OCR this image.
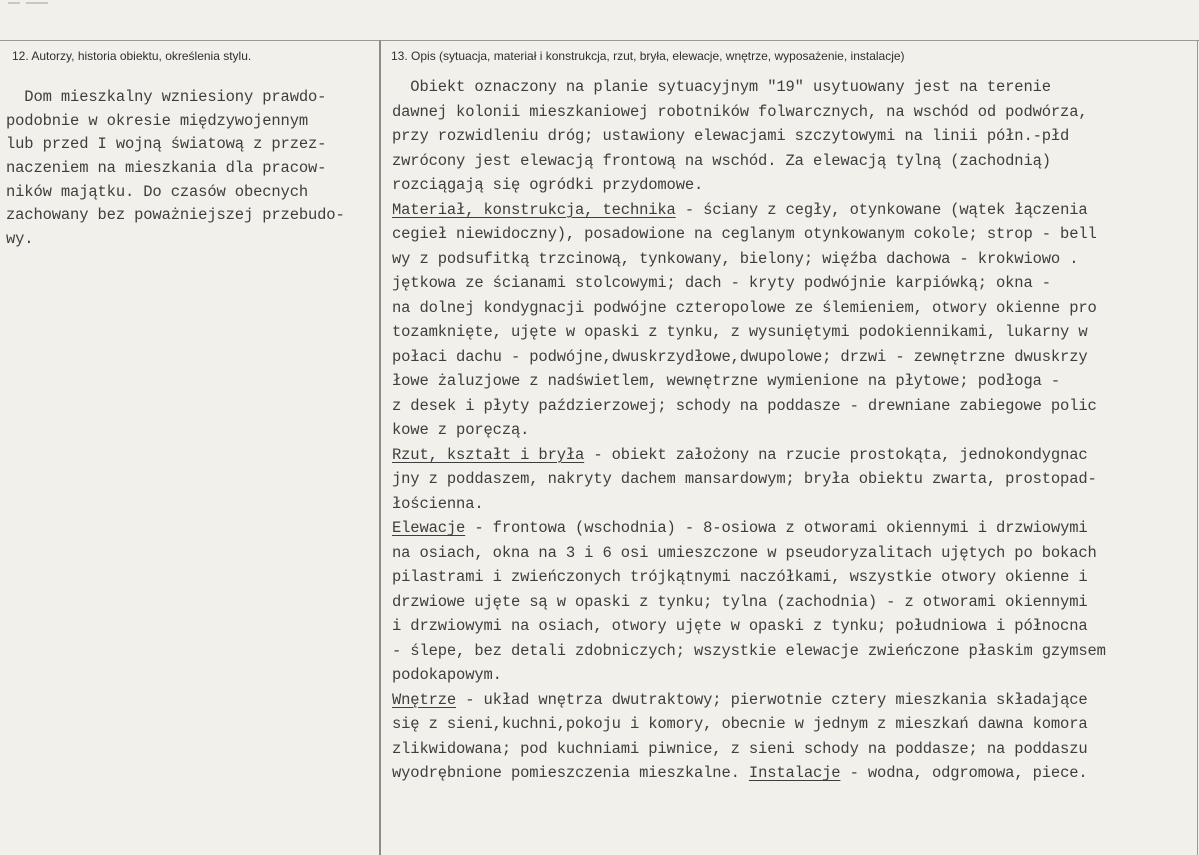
12. Autorzy, historia obiektu, określenia stylu.	13. Opis (sytuacja, materiał i konstrukcja, rzut, bryła, elewacje, wnętrze, wyposażenie, instalacje)
Dom mieszkalny wzniesiony prawdo-
podobnie w okresie międzywojennym
lub przed I wojną światową z przez-
naczeniem na mieszkania dla pracow-
ników majątku. Do czasów obecnych
zachowany bez poważniejszej przebudo-
wy.
Obiekt oznaczony na planie sytuacyjnym "19" usytuowany jest na terenie
dawnej kolonii mieszkaniowej robotników folwarcznych, na wschód od podwórza,
przy rozwidleniu dróg; ustawiony elewacjami szczytowymi na linii półn.-płd
zwrócony jest elewacją frontową na wschód. Za elewacją tylną (zachodnią)
rozciągają się ogródki przydomowe.
Materiał, konstrukcja, technika - ściany z cegły, otynkowane (wątek łączenia
cegieł niewidoczny), posadowione na ceglanym otynkowanym cokole; strop - bell
wy z podsufitką trzcinową, tynkowany, bielony; więźba dachowa - krokwiowo .
jętkowa ze ścianami stolcowymi; dach - kryty podwójnie karpiówką; okna -
na dolnej kondygnacji podwójne czteropolowe ze ślemieniem, otwory okienne pro
tozamknięte, ujęte w opaski z tynku, z wysuniętymi podokiennikami, lukarny w
połaci dachu - podwójne,dwuskrzydłowe,dwupolowe; drzwi - zewnętrzne dwuskrzy
łowe żaluzjowe z nadświetlem, wewnętrzne wymienione na płytowe; podłoga -
z desek i płyty paździerzowej; schody na poddasze - drewniane zabiegowe polic
kowe z poręczą.
Rzut, kształt i bryła - obiekt założony na rzucie prostokąta, jednokondygnac
jny z poddaszem, nakryty dachem mansardowym; bryła obiektu zwarta, prostopad-
łościenna.
Elewacje - frontowa (wschodnia) - 8-osiowa z otworami okiennymi i drzwiowymi
na osiach, okna na 3 i 6 osi umieszczone w pseudoryzalitach ujętych po bokach
pilastrami i zwieńczonych trójkątnymi naczółkami, wszystkie otwory okienne i
drzwiowe ujęte są w opaski z tynku; tylna (zachodnia) - z otworami okiennymi
i drzwiowymi na osiach, otwory ujęte w opaski z tynku; południowa i północna
- ślepe, bez detali zdobniczych; wszystkie elewacje zwieńczone płaskim gzymsem
podokapowym.
Wnętrze - układ wnętrza dwutraktowy; pierwotnie cztery mieszkania składające
się z sieni,kuchni,pokoju i komory, obecnie w jednym z mieszkań dawna komora
zlikwidowana; pod kuchniami piwnice, z sieni schody na poddasze; na poddaszu
wyodrębnione pomieszczenia mieszkalne. Instalacje - wodna, odgromowa, piece.
